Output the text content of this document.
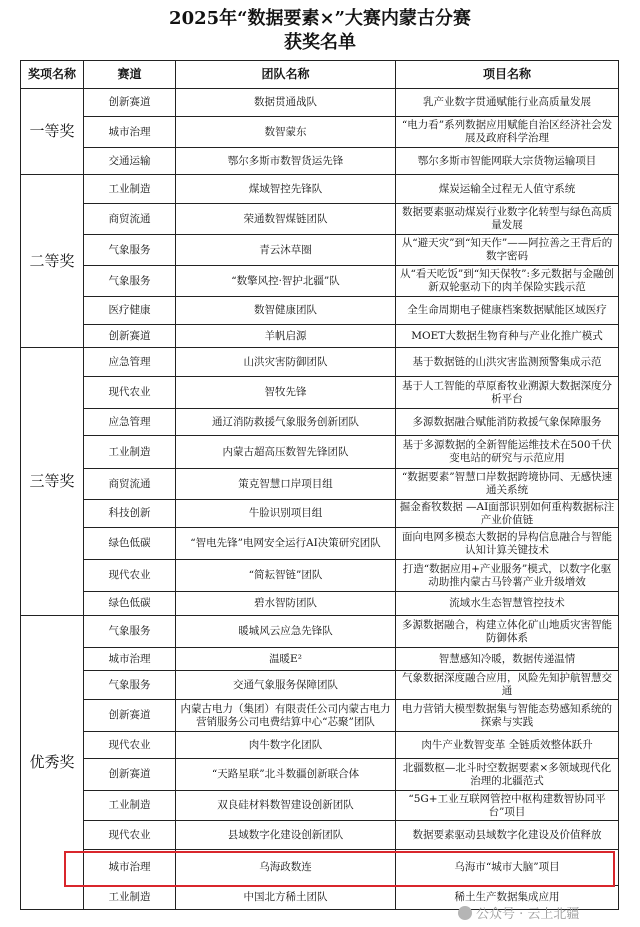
2025年“数据要素×”大赛内蒙古分赛
获奖名单
奖项名称	赛道	团队名称	项目名称
一等奖	创新赛道	数据贯通战队	乳产业数字贯通赋能行业高质量发展
	城市治理	数智蒙东	“电力看”系列数据应用赋能自治区经济社会发展及政府科学治理
	交通运输	鄂尔多斯市数智货运先锋	鄂尔多斯市智能网联大宗货物运输项目
二等奖	工业制造	煤域智控先锋队	煤炭运输全过程无人值守系统
	商贸流通	荣通数智煤链团队	数据要素驱动煤炭行业数字化转型与绿色高质量发展
	气象服务	青云沐草圈	从“避天灾”到“知天作”——阿拉善之王背后的数字密码
	气象服务	“数擎风控·智护北疆”队	从“看天吃饭”到“知天保牧”:多元数据与金融创新双轮驱动下的肉羊保险实践示范
	医疗健康	数智健康团队	全生命周期电子健康档案数据赋能区域医疗
	创新赛道	羊帆启源	MOET大数据生物育种与产业化推广模式
三等奖	应急管理	山洪灾害防御团队	基于数据链的山洪灾害监测预警集成示范
	现代农业	智牧先锋	基于人工智能的草原畜牧业溯源大数据深度分析平台
	应急管理	通辽消防救援气象服务创新团队	多源数据融合赋能消防救援气象保障服务
	工业制造	内蒙古超高压数智先锋团队	基于多源数据的全新智能运维技术在500千伏变电站的研究与示范应用
	商贸流通	策克智慧口岸项目组	“数据要素”智慧口岸数据跨境协同、无感快速通关系统
	科技创新	牛脸识别项目组	掘金畜牧数据 —AI面部识别如何重构数据标注产业价值链
	绿色低碳	“智电先锋”电网安全运行AI决策研究团队	面向电网多模态大数据的异构信息融合与智能认知计算关键技术
	现代农业	“简耘智链”团队	打造“数据应用+产业服务”模式，以数字化驱动助推内蒙古马铃薯产业升级增效
	绿色低碳	碧水智防团队	流域水生态智慧管控技术
优秀奖	气象服务	暖城风云应急先锋队	多源数据融合，构建立体化矿山地质灾害智能防御体系
	城市治理	温暖E²	智慧感知冷暖，数据传递温情
	气象服务	交通气象服务保障团队	气象数据深度融合应用，风险先知护航智慧交通
	创新赛道	内蒙古电力（集团）有限责任公司内蒙古电力营销服务公司电费结算中心“芯聚”团队	电力营销大模型数据集与智能态势感知系统的探索与实践
	现代农业	肉牛数字化团队	肉牛产业数智变革 全链质效整体跃升
	创新赛道	“天路星联”北斗数疆创新联合体	北疆数枢—北斗时空数据要素×多领域现代化治理的北疆范式
	工业制造	双良硅材料数智建设创新团队	“5G+工业互联网管控中枢构建数智协同平台”项目
	现代农业	县域数字化建设创新团队	数据要素驱动县域数字化建设及价值释放
	城市治理	乌海政数连	乌海市“城市大脑”项目
	工业制造	中国北方稀土团队	稀土生产数据集成应用
公众号 · 云上北疆
